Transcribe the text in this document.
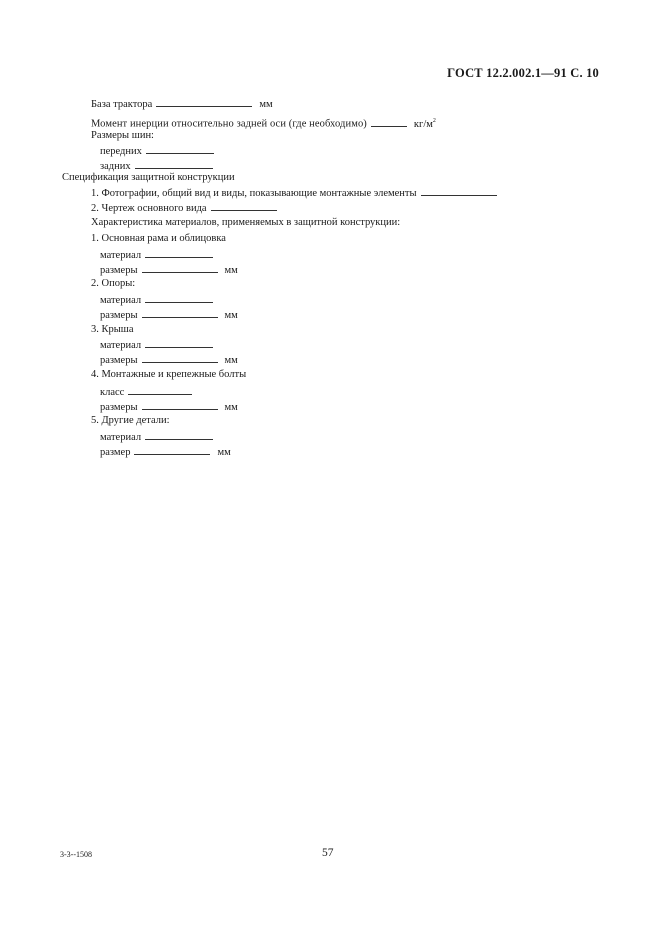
ГОСТ 12.2.002.1—91 С. 10
База трактора	мм
Момент инерции относительно задней оси (где необходимо)	$кг/м^2$
Размеры шин:
передних
задних
Спецификация защитной конструкции
1. Фотографии, общий вид и виды, показывающие монтажные элементы
2. Чертеж основного вида
Характеристика материалов, применяемых в защитной конструкции:
1. Основная рама и облицовка
материал
размеры	мм
2. Опоры:
материал
размеры	мм
3. Крыша
материал
размеры	мм
4. Монтажные и крепежные болты
класс
размеры	мм
5. Другие детали:
материал
размер	мм
3-3--1508	57
